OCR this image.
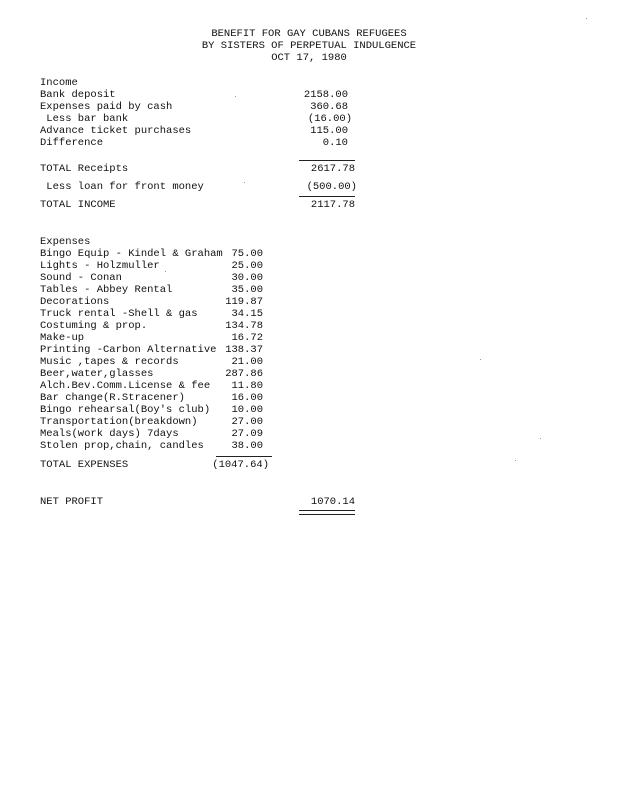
BENEFIT FOR GAY CUBANS REFUGEES
BY SISTERS OF PERPETUAL INDULGENCE
OCT 17, 1980
Income
Bank deposit	2158.00
Expenses paid by cash	360.68
Less bar bank	(16.00)
Advance ticket purchases	115.00
Difference	0.10
TOTAL Receipts	2617.78
Less loan for front money	(500.00)
TOTAL INCOME	2117.78
Expenses
Bingo Equip - Kindel & Graham 75.00
Lights - Holzmuller	25.00
Sound - Conan	30.00
Tables - Abbey Rental	35.00
Decorations	119.87
Truck rental -Shell & gas	34.15
Costuming & prop.	134.78
Make-up	16.72
Printing -Carbon Alternative 138.37
Music ,tapes & records	21.00
Beer,water,glasses	287.86
Alch.Bev.Comm.License & fee 11.80
Bar change(R.Stracener)	16.00
Bingo rehearsal(Boy's club) 10.00
Transportation(breakdown)	27.00
Meals(work days) 7days	27.09
Stolen prop,chain, candles	38.00
TOTAL EXPENSES	(1047.64)
NET PROFIT	1070.14
